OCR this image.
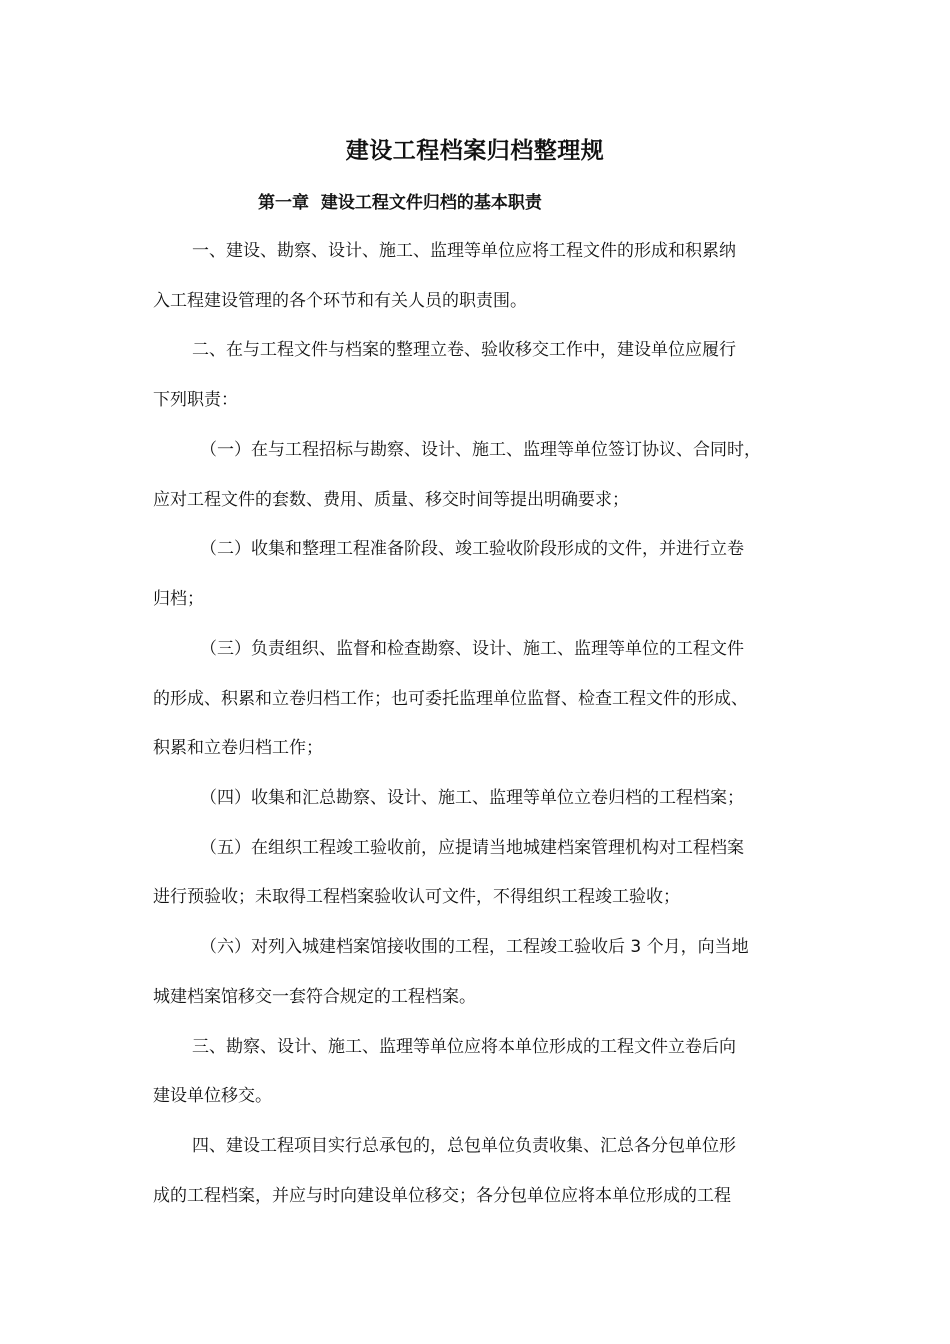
建设工程档案归档整理规
第一章  建设工程文件归档的基本职责
一、建设、勘察、设计、施工、监理等单位应将工程文件的形成和积累纳
入工程建设管理的各个环节和有关人员的职责围。
二、在与工程文件与档案的整理立卷、验收移交工作中，建设单位应履行
下列职责：
（一）在与工程招标与勘察、设计、施工、监理等单位签订协议、合同时，
应对工程文件的套数、费用、质量、移交时间等提出明确要求；
（二）收集和整理工程准备阶段、竣工验收阶段形成的文件，并进行立卷
归档；
（三）负责组织、监督和检查勘察、设计、施工、监理等单位的工程文件
的形成、积累和立卷归档工作；也可委托监理单位监督、检查工程文件的形成、
积累和立卷归档工作；
（四）收集和汇总勘察、设计、施工、监理等单位立卷归档的工程档案；
（五）在组织工程竣工验收前，应提请当地城建档案管理机构对工程档案
进行预验收；未取得工程档案验收认可文件，不得组织工程竣工验收；
（六）对列入城建档案馆接收围的工程，工程竣工验收后 3 个月，向当地
城建档案馆移交一套符合规定的工程档案。
三、勘察、设计、施工、监理等单位应将本单位形成的工程文件立卷后向
建设单位移交。
四、建设工程项目实行总承包的，总包单位负责收集、汇总各分包单位形
成的工程档案，并应与时向建设单位移交；各分包单位应将本单位形成的工程
